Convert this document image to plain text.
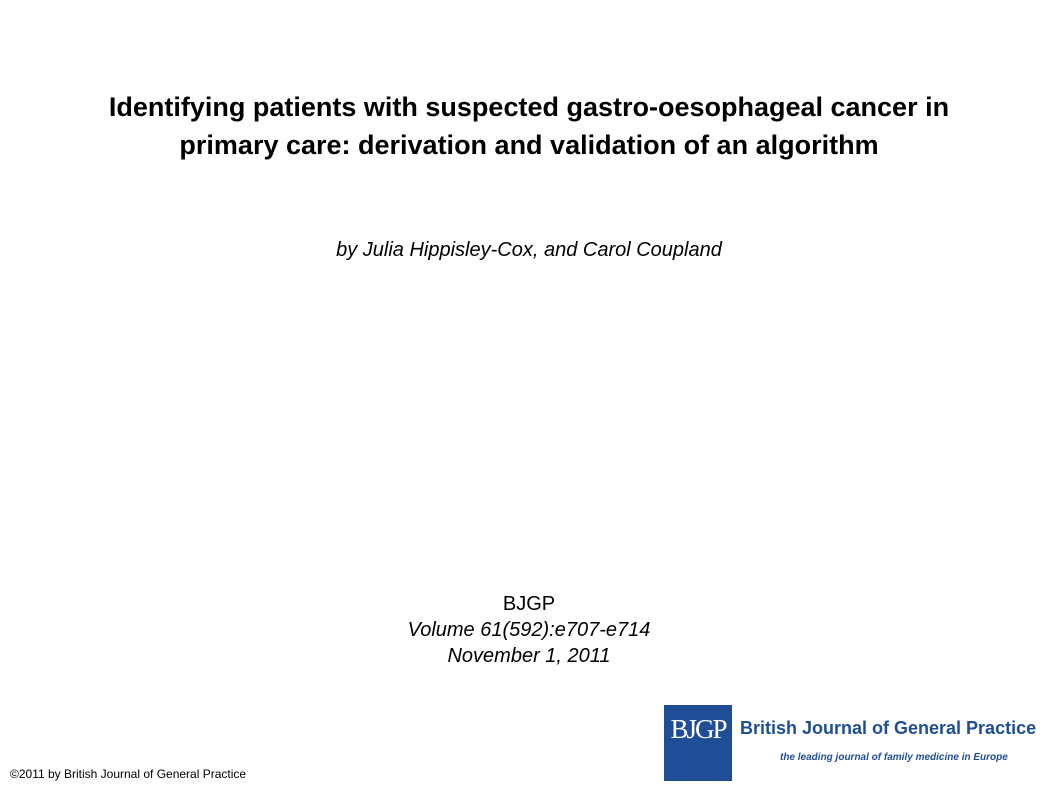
Identifying patients with suspected gastro-oesophageal cancer in primary care: derivation and validation of an algorithm
by Julia Hippisley-Cox, and Carol Coupland
BJGP
Volume 61(592):e707-e714
November 1, 2011
©2011 by British Journal of General Practice
BJGP British Journal of General Practice
the leading journal of family medicine in Europe
